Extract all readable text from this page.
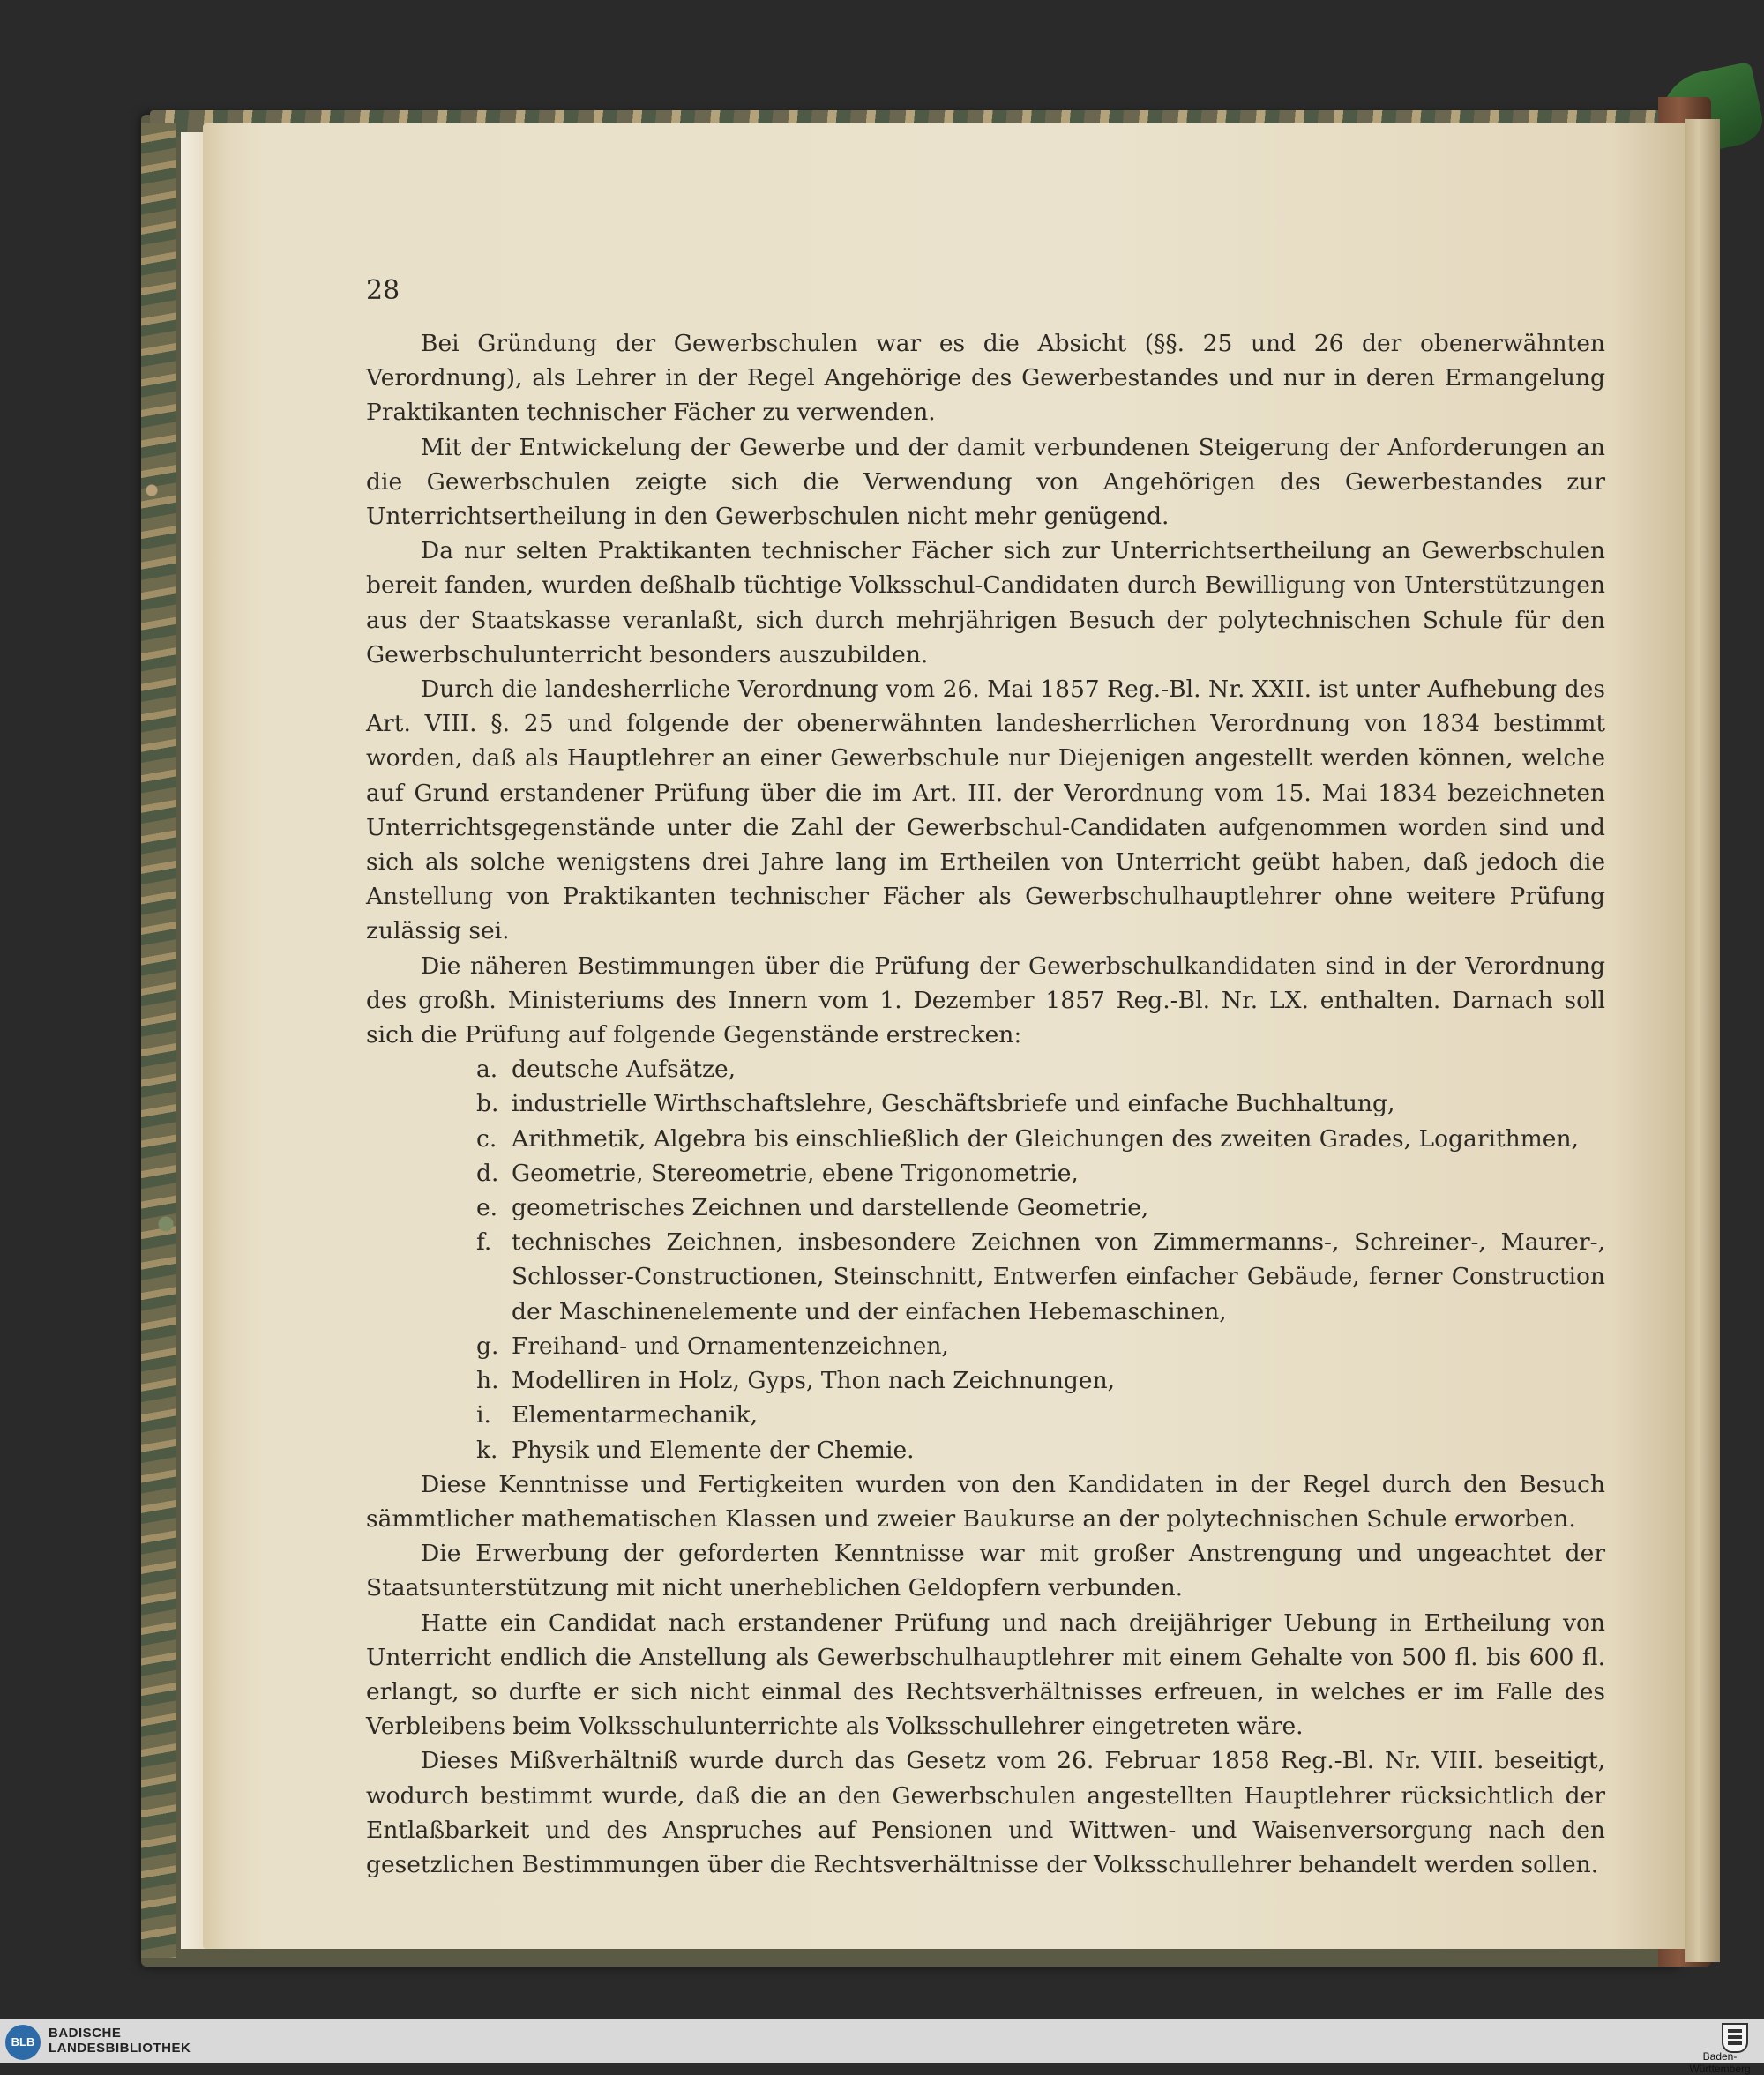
28

Bei Gründung der Gewerbschulen war es die Absicht (§§. 25 und 26 der obenerwähnten Verordnung), als Lehrer in der Regel Angehörige des Gewerbestandes und nur in deren Ermangelung Praktikanten technischer Fächer zu verwenden.

Mit der Entwickelung der Gewerbe und der damit verbundenen Steigerung der Anforderungen an die Gewerbschulen zeigte sich die Verwendung von Angehörigen des Gewerbestandes zur Unterrichtsertheilung in den Gewerbschulen nicht mehr genügend.

Da nur selten Praktikanten technischer Fächer sich zur Unterrichtsertheilung an Gewerbschulen bereit fanden, wurden deßhalb tüchtige Volksschul-Candidaten durch Bewilligung von Unterstützungen aus der Staatskasse veranlaßt, sich durch mehrjährigen Besuch der polytechnischen Schule für den Gewerbschulunterricht besonders auszubilden.

Durch die landesherrliche Verordnung vom 26. Mai 1857 Reg.-Bl. Nr. XXII. ist unter Aufhebung des Art. VIII. §. 25 und folgende der obenerwähnten landesherrlichen Verordnung von 1834 bestimmt worden, daß als Hauptlehrer an einer Gewerbschule nur Diejenigen angestellt werden können, welche auf Grund erstandener Prüfung über die im Art. III. der Verordnung vom 15. Mai 1834 bezeichneten Unterrichtsgegenstände unter die Zahl der Gewerbschul-Candidaten aufgenommen worden sind und sich als solche wenigstens drei Jahre lang im Ertheilen von Unterricht geübt haben, daß jedoch die Anstellung von Praktikanten technischer Fächer als Gewerbschulhauptlehrer ohne weitere Prüfung zulässig sei.

Die näheren Bestimmungen über die Prüfung der Gewerbschulkandidaten sind in der Verordnung des großh. Ministeriums des Innern vom 1. Dezember 1857 Reg.-Bl. Nr. LX. enthalten. Darnach soll sich die Prüfung auf folgende Gegenstände erstrecken:

a. deutsche Aufsätze,
b. industrielle Wirthschaftslehre, Geschäftsbriefe und einfache Buchhaltung,
c. Arithmetik, Algebra bis einschließlich der Gleichungen des zweiten Grades, Logarithmen,
d. Geometrie, Stereometrie, ebene Trigonometrie,
e. geometrisches Zeichnen und darstellende Geometrie,
f. technisches Zeichnen, insbesondere Zeichnen von Zimmermanns-, Schreiner-, Maurer-, Schlosser-Constructionen, Steinschnitt, Entwerfen einfacher Gebäude, ferner Construction der Maschinenelemente und der einfachen Hebemaschinen,
g. Freihand- und Ornamentenzeichnen,
h. Modelliren in Holz, Gyps, Thon nach Zeichnungen,
i. Elementarmechanik,
k. Physik und Elemente der Chemie.

Diese Kenntnisse und Fertigkeiten wurden von den Kandidaten in der Regel durch den Besuch sämmtlicher mathematischen Klassen und zweier Baukurse an der polytechnischen Schule erworben.

Die Erwerbung der geforderten Kenntnisse war mit großer Anstrengung und ungeachtet der Staatsunterstützung mit nicht unerheblichen Geldopfern verbunden.

Hatte ein Candidat nach erstandener Prüfung und nach dreijähriger Uebung in Ertheilung von Unterricht endlich die Anstellung als Gewerbschulhauptlehrer mit einem Gehalte von 500 fl. bis 600 fl. erlangt, so durfte er sich nicht einmal des Rechtsverhältnisses erfreuen, in welches er im Falle des Verbleibens beim Volksschulunterrichte als Volksschullehrer eingetreten wäre.

Dieses Mißverhältniß wurde durch das Gesetz vom 26. Februar 1858 Reg.-Bl. Nr. VIII. beseitigt, wodurch bestimmt wurde, daß die an den Gewerbschulen angestellten Hauptlehrer rücksichtlich der Entlaßbarkeit und des Anspruches auf Pensionen und Wittwen- und Waisenversorgung nach den gesetzlichen Bestimmungen über die Rechtsverhältnisse der Volksschullehrer behandelt werden sollen.

BLB
BADISCHE
LANDESBIBLIOTHEK
Baden-Württemberg
